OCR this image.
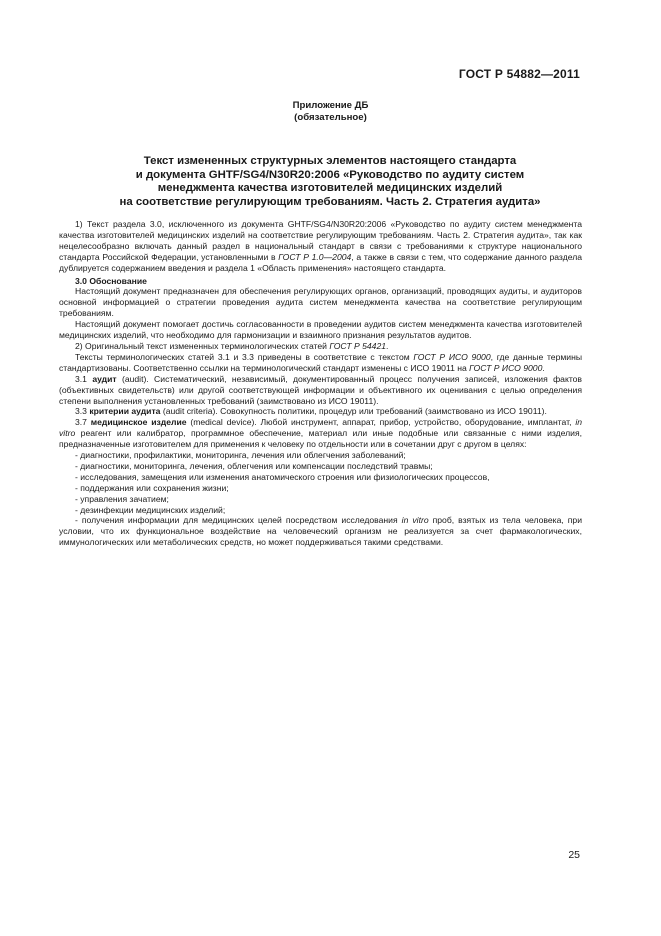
ГОСТ Р 54882—2011
Приложение ДБ
(обязательное)
Текст измененных структурных элементов настоящего стандарта
и документа GHTF/SG4/N30R20:2006 «Руководство по аудиту систем
менеджмента качества изготовителей медицинских изделий
на соответствие регулирующим требованиям. Часть 2. Стратегия аудита»

1) Текст раздела 3.0, исключенного из документа GHTF/SG4/N30R20:2006 «Руководство по аудиту систем менеджмента качества изготовителей медицинских изделий на соответствие регулирующим требованиям. Часть 2. Стратегия аудита», так как нецелесообразно включать данный раздел в национальный стандарт в связи с требованиями к структуре национального стандарта Российской Федерации, установленными в ГОСТ Р 1.0—2004, а также в связи с тем, что содержание данного раздела дублируется содержанием введения и раздела 1 «Область применения» настоящего стандарта.

3.0 Обоснование

Настоящий документ предназначен для обеспечения регулирующих органов, организаций, проводящих аудиты, и аудиторов основной информацией о стратегии проведения аудита систем менеджмента качества на соответствие регулирующим требованиям.

Настоящий документ помогает достичь согласованности в проведении аудитов систем менеджмента качества изготовителей медицинских изделий, что необходимо для гармонизации и взаимного признания результатов аудитов.

2) Оригинальный текст измененных терминологических статей ГОСТ Р 54421.

Тексты терминологических статей 3.1 и 3.3 приведены в соответствие с текстом ГОСТ Р ИСО 9000, где данные термины стандартизованы. Соответственно ссылки на терминологический стандарт изменены с ИСО 19011 на ГОСТ Р ИСО 9000.

3.1 аудит (audit). Систематический, независимый, документированный процесс получения записей, изложения фактов (объективных свидетельств) или другой соответствующей информации и объективного их оценивания с целью определения степени выполнения установленных требований (заимствовано из ИСО 19011).

3.3 критерии аудита (audit criteria). Совокупность политики, процедур или требований (заимствовано из ИСО 19011).

3.7 медицинское изделие (medical device). Любой инструмент, аппарат, прибор, устройство, оборудование, имплантат, in vitro реагент или калибратор, программное обеспечение, материал или иные подобные или связанные с ними изделия, предназначенные изготовителем для применения к человеку по отдельности или в сочетании друг с другом в целях:

- диагностики, профилактики, мониторинга, лечения или облегчения заболеваний;

- диагностики, мониторинга, лечения, облегчения или компенсации последствий травмы;

- исследования, замещения или изменения анатомического строения или физиологических процессов,

- поддержания или сохранения жизни;

- управления зачатием;

- дезинфекции медицинских изделий;

- получения информации для медицинских целей посредством исследования in vitro проб, взятых из тела человека, при условии, что их функциональное воздействие на человеческий организм не реализуется за счет фармакологических, иммунологических или метаболических средств, но может поддерживаться такими средствами.

25
